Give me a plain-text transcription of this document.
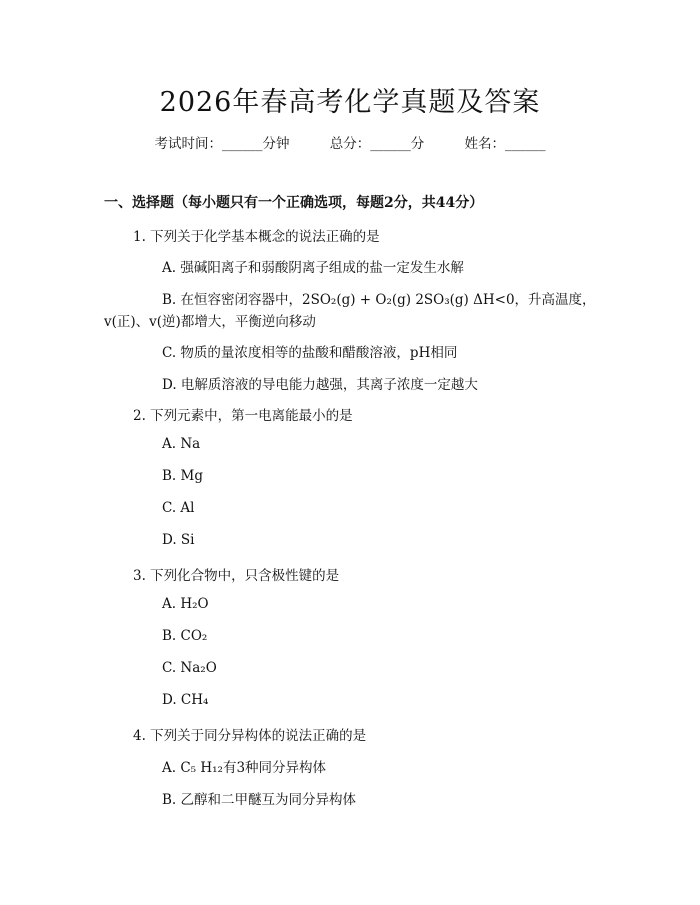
2026年春高考化学真题及答案
考试时间：______分钟	总分：______分	姓名：______
一、选择题（每小题只有一个正确选项，每题2分，共44分）
1. 下列关于化学基本概念的说法正确的是
A. 强碱阳离子和弱酸阴离子组成的盐一定发生水解
B. 在恒容密闭容器中，2SO₂(g) + O₂(g) 2SO₃(g) ΔH<0，升高温度，
v(正)、v(逆)都增大，平衡逆向移动
C. 物质的量浓度相等的盐酸和醋酸溶液，pH相同
D. 电解质溶液的导电能力越强，其离子浓度一定越大
2. 下列元素中，第一电离能最小的是
A. Na
B. Mg
C. Al
D. Si
3. 下列化合物中，只含极性键的是
A. H₂O
B. CO₂
C. Na₂O
D. CH₄
4. 下列关于同分异构体的说法正确的是
A. C₅ H₁₂有3种同分异构体
B. 乙醇和二甲醚互为同分异构体
